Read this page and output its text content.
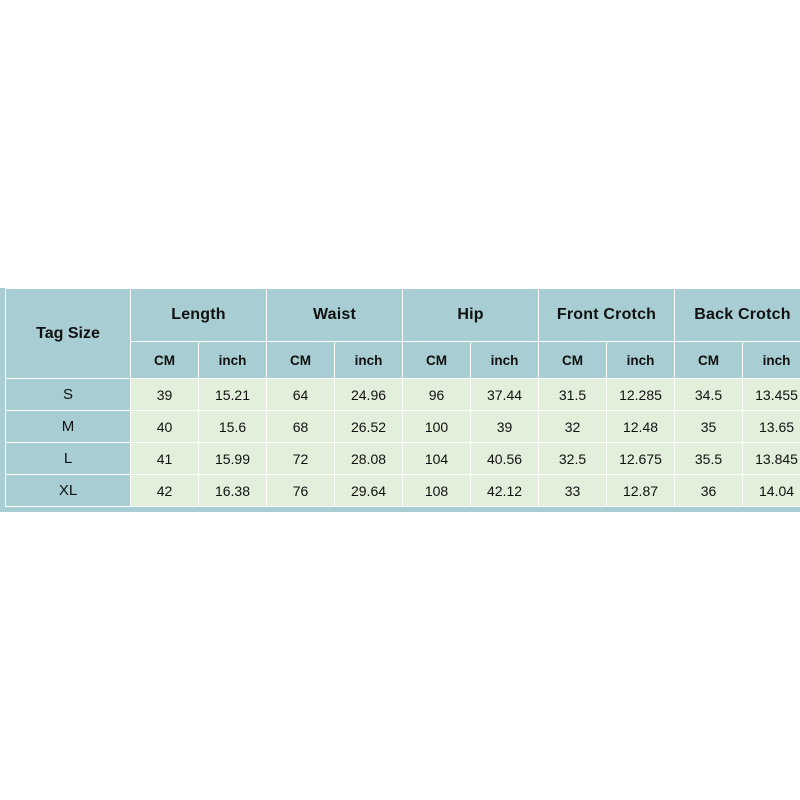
Tag Size	Length		Waist		Hip		Front Crotch		Back Crotch	
	CM	inch	CM	inch	CM	inch	CM	inch	CM	inch
S	39	15.21	64	24.96	96	37.44	31.5	12.285	34.5	13.455
M	40	15.6	68	26.52	100	39	32	12.48	35	13.65
L	41	15.99	72	28.08	104	40.56	32.5	12.675	35.5	13.845
XL	42	16.38	76	29.64	108	42.12	33	12.87	36	14.04
